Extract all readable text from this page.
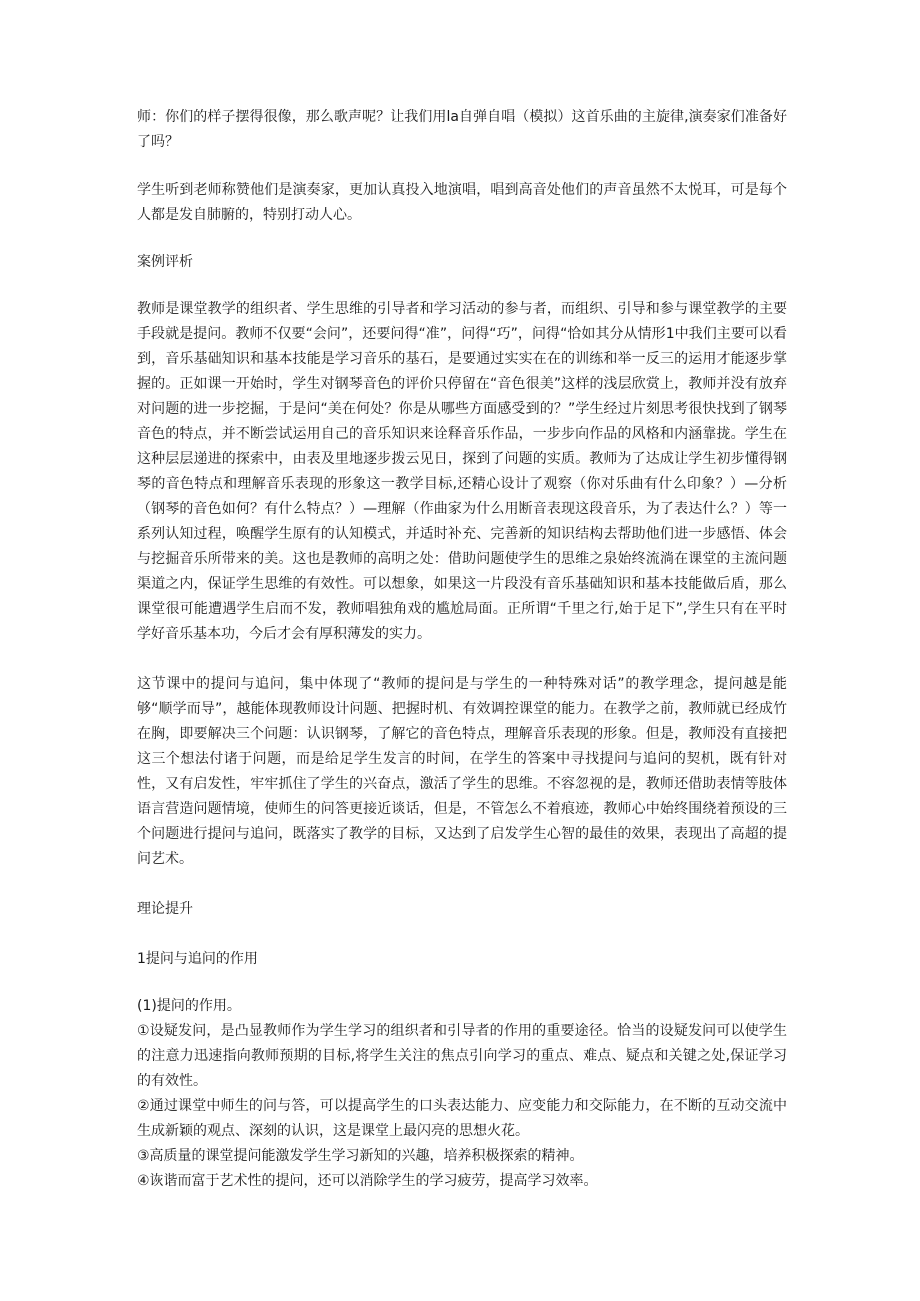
师：你们的样子摆得很像，那么歌声呢？让我们用la自弹自唱（模拟）这首乐曲的主旋律,演奏家们准备好了吗？

学生听到老师称赞他们是演奏家，更加认真投入地演唱，唱到高音处他们的声音虽然不太悦耳，可是每个人都是发自肺腑的，特别打动人心。

案例评析

教师是课堂教学的组织者、学生思维的引导者和学习活动的参与者，而组织、引导和参与课堂教学的主要手段就是提问。教师不仅要“会问”，还要问得“准”，问得“巧”，问得“恰如其分从情形1中我们主要可以看到，音乐基础知识和基本技能是学习音乐的基石，是要通过实实在在的训练和举一反三的运用才能逐步掌握的。正如课一开始时，学生对钢琴音色的评价只停留在“音色很美”这样的浅层欣赏上，教师并没有放弃对问题的进一步挖掘，于是问“美在何处？你是从哪些方面感受到的？”学生经过片刻思考很快找到了钢琴音色的特点，并不断尝试运用自己的音乐知识来诠释音乐作品，一步步向作品的风格和内涵靠拢。学生在这种层层递进的探索中，由表及里地逐步拨云见日，探到了问题的实质。教师为了达成让学生初步懂得钢琴的音色特点和理解音乐表现的形象这一教学目标,还精心设计了观察（你对乐曲有什么印象？）—分析（钢琴的音色如何？有什么特点？）—理解（作曲家为什么用断音表现这段音乐，为了表达什么？）等一系列认知过程，唤醒学生原有的认知模式，并适时补充、完善新的知识结构去帮助他们进一步感悟、体会与挖掘音乐所带来的美。这也是教师的高明之处：借助问题使学生的思维之泉始终流淌在课堂的主流问题渠道之内，保证学生思维的有效性。可以想象，如果这一片段没有音乐基础知识和基本技能做后盾，那么课堂很可能遭遇学生启而不发，教师唱独角戏的尴尬局面。正所谓“千里之行,始于足下”,学生只有在平时学好音乐基本功，今后才会有厚积薄发的实力。

这节课中的提问与追问，集中体现了“教师的提问是与学生的一种特殊对话”的教学理念，提问越是能够“顺学而导”，越能体现教师设计问题、把握时机、有效调控课堂的能力。在教学之前，教师就已经成竹在胸，即要解决三个问题：认识钢琴，了解它的音色特点，理解音乐表现的形象。但是，教师没有直接把这三个想法付诸于问题，而是给足学生发言的时间，在学生的答案中寻找提问与追问的契机，既有针对性，又有启发性，牢牢抓住了学生的兴奋点，激活了学生的思维。不容忽视的是，教师还借助表情等肢体语言营造问题情境，使师生的问答更接近谈话，但是，不管怎么不着痕迹，教师心中始终围绕着预设的三个问题进行提问与追问，既落实了教学的目标，又达到了启发学生心智的最佳的效果，表现出了高超的提问艺术。

理论提升

1提问与追问的作用

(1)提问的作用。

①设疑发问，是凸显教师作为学生学习的组织者和引导者的作用的重要途径。恰当的设疑发问可以使学生的注意力迅速指向教师预期的目标,将学生关注的焦点引向学习的重点、难点、疑点和关键之处,保证学习的有效性。

②通过课堂中师生的问与答，可以提高学生的口头表达能力、应变能力和交际能力，在不断的互动交流中生成新颖的观点、深刻的认识，这是课堂上最闪亮的思想火花。

③高质量的课堂提问能激发学生学习新知的兴趣，培养积极探索的精神。

④诙谐而富于艺术性的提问，还可以消除学生的学习疲劳，提高学习效率。
